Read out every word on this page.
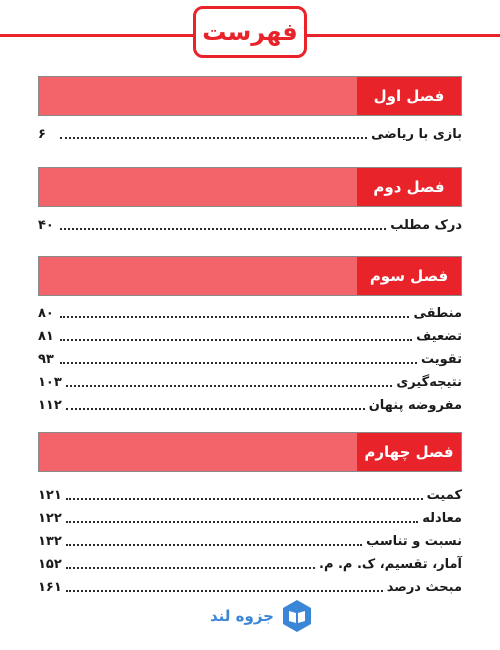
فهرست
فصل اول
بازی با ریاضی
۶
فصل دوم
درک مطلب
۴۰
فصل سوم
منطقی
۸۰
تضعیف
۸۱
تقویت
۹۳
نتیجه‌گیری
۱۰۳
مفروضه پنهان
۱۱۲
فصل چهارم
کمیت
۱۲۱
معادله
۱۲۲
نسبت و تناسب
۱۳۲
آمار، تقسیم، ک. م. م.
۱۵۲
مبحث درصد
۱۶۱
جزوه لند
